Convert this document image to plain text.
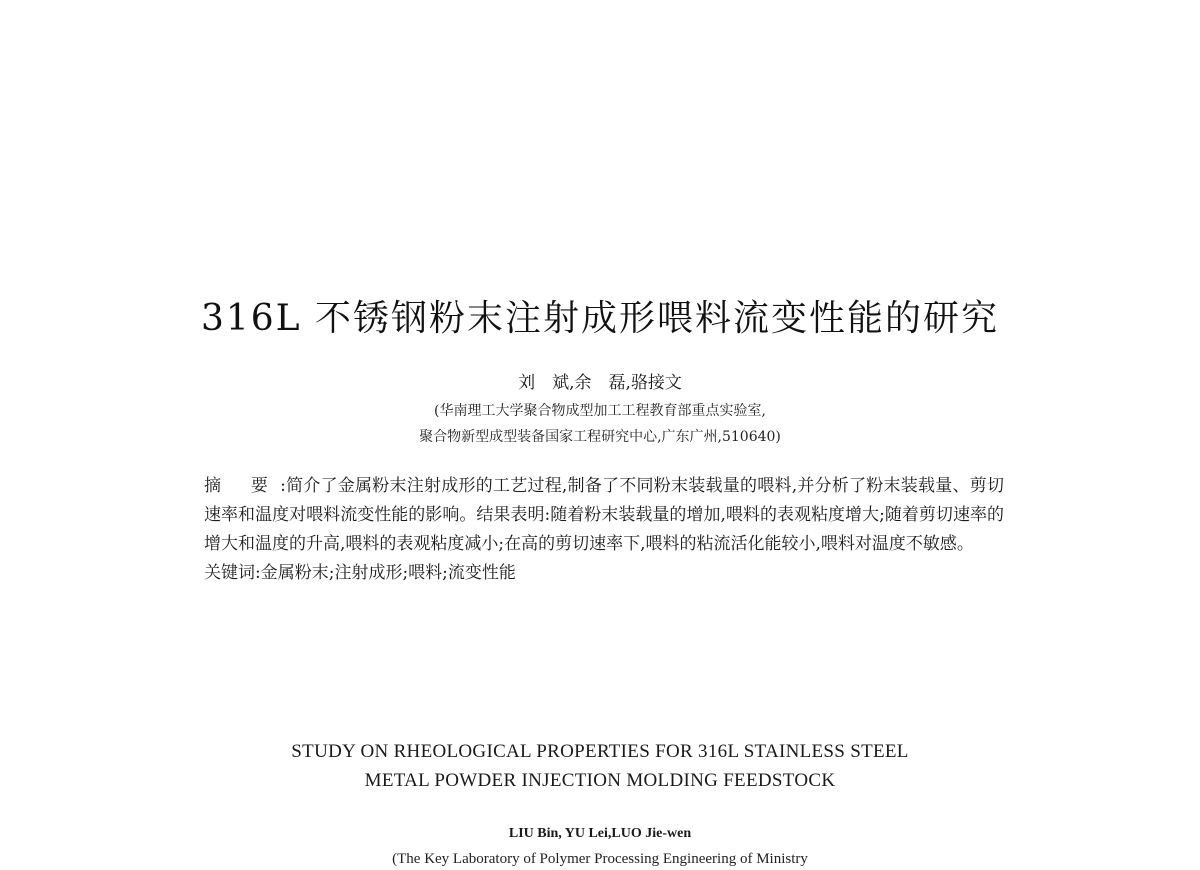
316L 不锈钢粉末注射成形喂料流变性能的研究
刘　斌,余　磊,骆接文
(华南理工大学聚合物成型加工工程教育部重点实验室,
聚合物新型成型装备国家工程研究中心,广东广州,510640)

摘 要:简介了金属粉末注射成形的工艺过程,制备了不同粉末装载量的喂料,并分析了粉末装载量、剪切速率和温度对喂料流变性能的影响。结果表明:随着粉末装载量的增加,喂料的表观粘度增大;随着剪切速率的增大和温度的升高,喂料的表观粘度减小;在高的剪切速率下,喂料的粘流活化能较小,喂料对温度不敏感。

关键词:金属粉末;注射成形;喂料;流变性能

STUDY ON RHEOLOGICAL PROPERTIES FOR 316L STAINLESS STEEL
METAL POWDER INJECTION MOLDING FEEDSTOCK
LIU Bin, YU Lei,LUO Jie-wen
(The Key Laboratory of Polymer Processing Engineering of Ministry
